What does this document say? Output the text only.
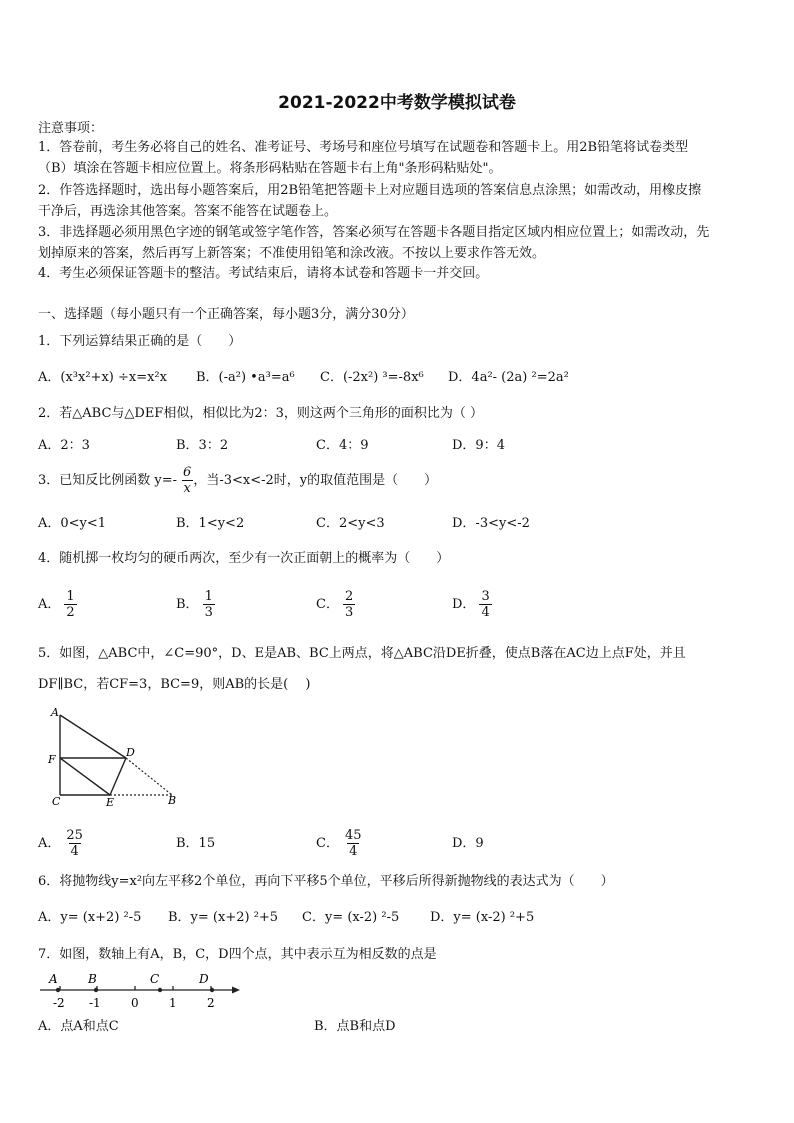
2021-2022中考数学模拟试卷
注意事项：
1．答卷前，考生务必将自己的姓名、准考证号、考场号和座位号填写在试题卷和答题卡上。用2B铅笔将试卷类型
（B）填涂在答题卡相应位置上。将条形码粘贴在答题卡右上角"条形码粘贴处"。
2．作答选择题时，选出每小题答案后，用2B铅笔把答题卡上对应题目选项的答案信息点涂黑；如需改动，用橡皮擦
干净后，再选涂其他答案。答案不能答在试题卷上。
3．非选择题必须用黑色字迹的钢笔或签字笔作答，答案必须写在答题卡各题目指定区域内相应位置上；如需改动，先
划掉原来的答案，然后再写上新答案；不准使用铅笔和涂改液。不按以上要求作答无效。
4．考生必须保证答题卡的整洁。考试结束后，请将本试卷和答题卡一并交回。
一、选择题（每小题只有一个正确答案，每小题3分，满分30分）
1．下列运算结果正确的是（　　）
A．(x³x²+x) ÷x=x²x B．(-a²) •a³=a⁶ C．(-2x²) ³=-8x⁶ D．4a²- (2a) ²=2a²
2．若△ABC与△DEF相似，相似比为2：3，则这两个三角形的面积比为（ ）
A．2：3	B．3：2	C．4：9	D．9：4
3．已知反比例函数 $y=- \frac{6}{x}$ ，当-3<x<-2时，y的取值范围是（　　）
A．0<y<1	B．1<y<2	C．2<y<3	D．-3<y<-2
4．随机掷一枚均匀的硬币两次，至少有一次正面朝上的概率为（　　）
A． $\frac{1}{2}$	B． $\frac{1}{3}$	C． $\frac{2}{3}$	D． $\frac{3}{4}$
5．如图，△ABC中，∠C=90°，D、E是AB、BC上两点，将△ABC沿DE折叠，使点B落在AC边上点F处，并且
DF∥BC，若CF=3，BC=9，则AB的长是(　 )
A
D
F
C	E	B
A． $\frac{25}{4}$	B．15	C． $\frac{45}{4}$	D．9
6．将抛物线y=x²向左平移2个单位，再向下平移5个单位，平移后所得新抛物线的表达式为（　　）
A．y= (x+2) ²-5 B．y= (x+2) ²+5 C．y= (x-2) ²-5 D．y= (x-2) ²+5
7．如图，数轴上有A，B，C，D四个点，其中表示互为相反数的点是
A	B	C	D
-2 -1	0	1	2
A．点A和点C	B．点B和点D
